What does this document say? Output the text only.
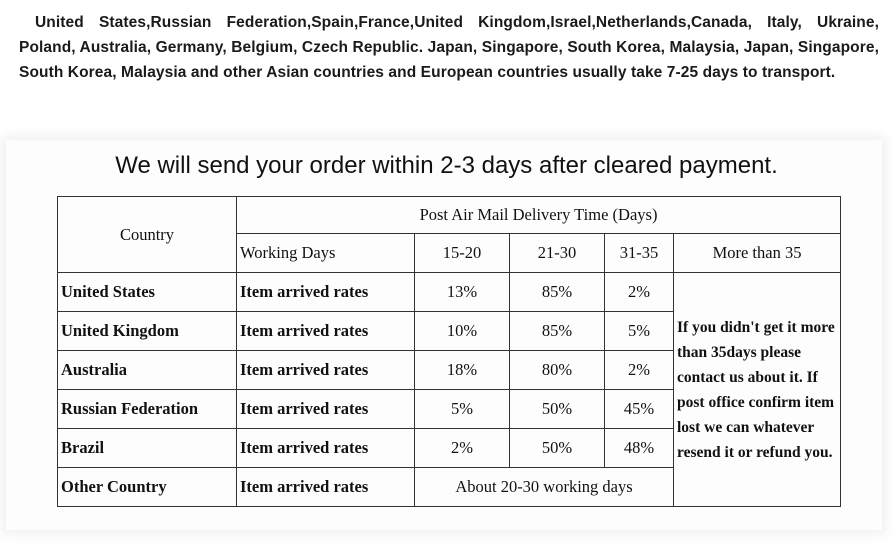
United States,Russian Federation,Spain,France,United Kingdom,Israel,Netherlands,Canada, Italy, Ukraine, Poland, Australia, Germany, Belgium, Czech Republic. Japan, Singapore, South Korea, Malaysia, Japan, Singapore, South Korea, Malaysia and other Asian countries and European countries usually take 7-25 days to transport.

We will send your order within 2-3 days after cleared payment.
Country	Post Air Mail Delivery Time (Days)				
	Working Days	15-20	21-30	31-35	More than 35
United States	Item arrived rates	13%	85%	2%	If you didn't get it more than 35days please contact us about it. If post office confirm item lost we can whatever resend it or refund you.
United Kingdom	Item arrived rates	10%	85%	5%	
Australia	Item arrived rates	18%	80%	2%	
Russian Federation	Item arrived rates	5%	50%	45%	
Brazil	Item arrived rates	2%	50%	48%	
Other Country	Item arrived rates	About 20-30 working days			
